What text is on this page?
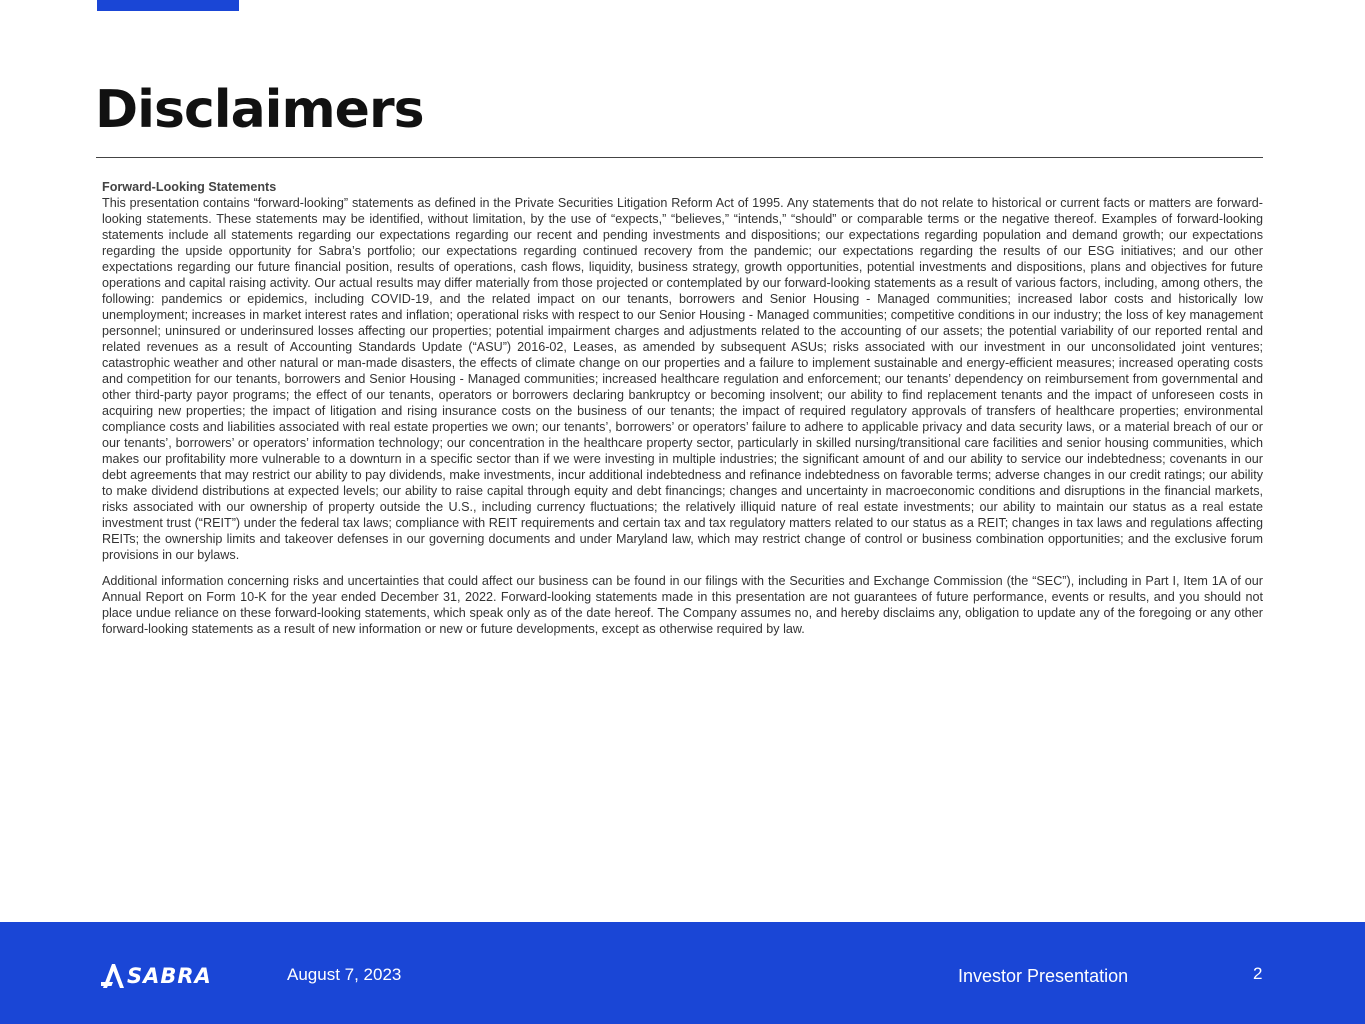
Disclaimers

Forward-Looking Statements

This presentation contains “forward-looking” statements as defined in the Private Securities Litigation Reform Act of 1995. Any statements that do not relate to historical or current facts or matters are forward-looking statements. These statements may be identified, without limitation, by the use of “expects,” “believes,” “intends,” “should” or comparable terms or the negative thereof. Examples of forward-looking statements include all statements regarding our expectations regarding our recent and pending investments and dispositions; our expectations regarding population and demand growth; our expectations regarding the upside opportunity for Sabra’s portfolio; our expectations regarding continued recovery from the pandemic; our expectations regarding the results of our ESG initiatives; and our other expectations regarding our future financial position, results of operations, cash flows, liquidity, business strategy, growth opportunities, potential investments and dispositions, plans and objectives for future operations and capital raising activity. Our actual results may differ materially from those projected or contemplated by our forward-looking statements as a result of various factors, including, among others, the following: pandemics or epidemics, including COVID-19, and the related impact on our tenants, borrowers and Senior Housing - Managed communities; increased labor costs and historically low unemployment; increases in market interest rates and inflation; operational risks with respect to our Senior Housing - Managed communities; competitive conditions in our industry; the loss of key management personnel; uninsured or underinsured losses affecting our properties; potential impairment charges and adjustments related to the accounting of our assets; the potential variability of our reported rental and related revenues as a result of Accounting Standards Update (“ASU”) 2016-02, Leases, as amended by subsequent ASUs; risks associated with our investment in our unconsolidated joint ventures; catastrophic weather and other natural or man-made disasters, the effects of climate change on our properties and a failure to implement sustainable and energy-efficient measures; increased operating costs and competition for our tenants, borrowers and Senior Housing - Managed communities; increased healthcare regulation and enforcement; our tenants’ dependency on reimbursement from governmental and other third-party payor programs; the effect of our tenants, operators or borrowers declaring bankruptcy or becoming insolvent; our ability to find replacement tenants and the impact of unforeseen costs in acquiring new properties; the impact of litigation and rising insurance costs on the business of our tenants; the impact of required regulatory approvals of transfers of healthcare properties; environmental compliance costs and liabilities associated with real estate properties we own; our tenants’, borrowers’ or operators’ failure to adhere to applicable privacy and data security laws, or a material breach of our or our tenants’, borrowers’ or operators’ information technology; our concentration in the healthcare property sector, particularly in skilled nursing/transitional care facilities and senior housing communities, which makes our profitability more vulnerable to a downturn in a specific sector than if we were investing in multiple industries; the significant amount of and our ability to service our indebtedness; covenants in our debt agreements that may restrict our ability to pay dividends, make investments, incur additional indebtedness and refinance indebtedness on favorable terms; adverse changes in our credit ratings; our ability to make dividend distributions at expected levels; our ability to raise capital through equity and debt financings; changes and uncertainty in macroeconomic conditions and disruptions in the financial markets, risks associated with our ownership of property outside the U.S., including currency fluctuations; the relatively illiquid nature of real estate investments; our ability to maintain our status as a real estate investment trust (“REIT”) under the federal tax laws; compliance with REIT requirements and certain tax and tax regulatory matters related to our status as a REIT; changes in tax laws and regulations affecting REITs; the ownership limits and takeover defenses in our governing documents and under Maryland law, which may restrict change of control or business combination opportunities; and the exclusive forum provisions in our bylaws.

Additional information concerning risks and uncertainties that could affect our business can be found in our filings with the Securities and Exchange Commission (the “SEC”), including in Part I, Item 1A of our Annual Report on Form 10-K for the year ended December 31, 2022. Forward-looking statements made in this presentation are not guarantees of future performance, events or results, and you should not place undue reliance on these forward-looking statements, which speak only as of the date hereof. The Company assumes no, and hereby disclaims any, obligation to update any of the foregoing or any other forward-looking statements as a result of new information or new or future developments, except as otherwise required by law.

SABRA	August 7, 2023	Investor Presentation	2
